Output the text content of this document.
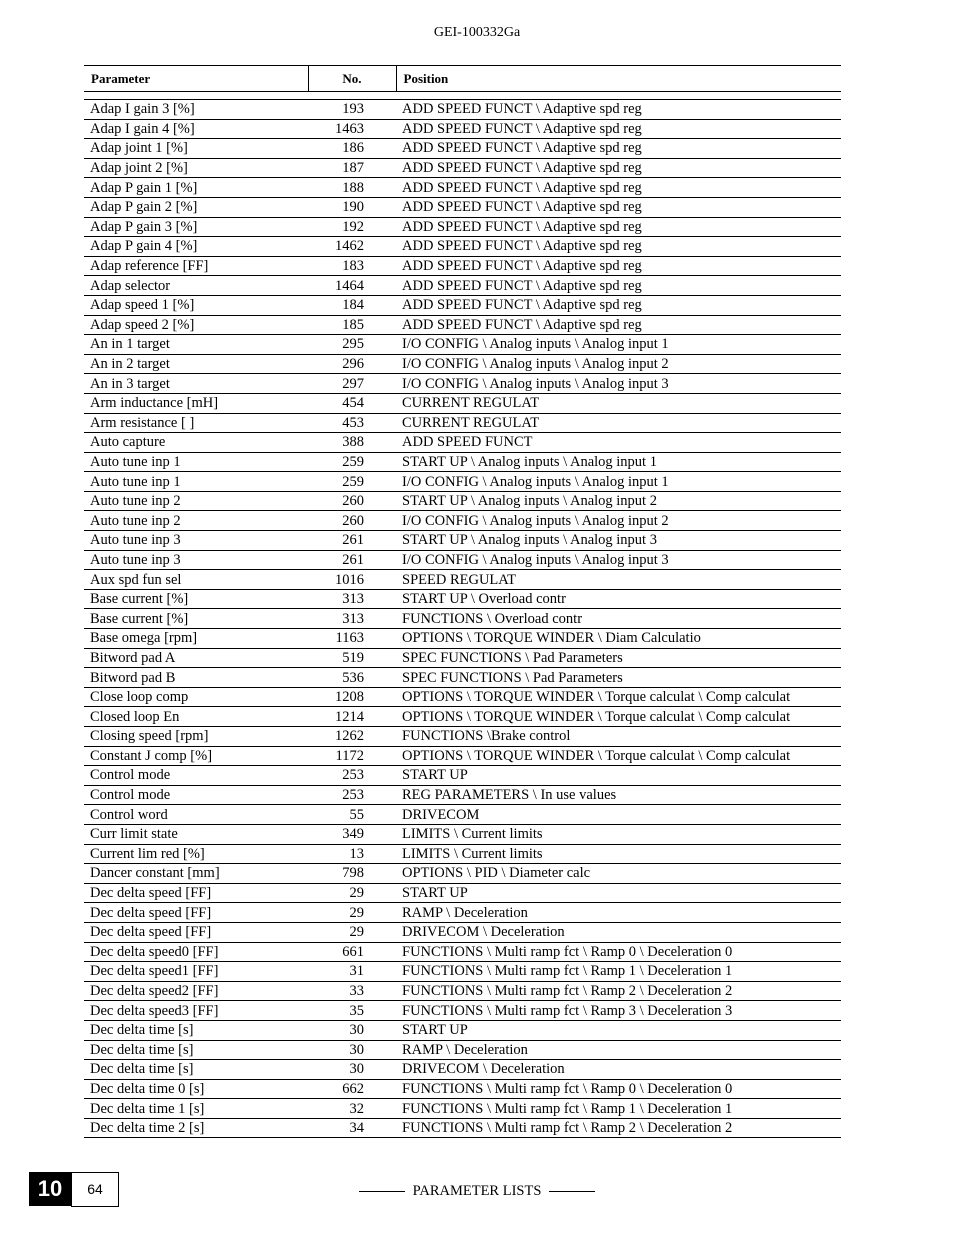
GEI-100332Ga
Parameter	No.	Position

Adap I gain 3 [%]	193	ADD SPEED FUNCT \ Adaptive spd reg
Adap I gain 4 [%]	1463	ADD SPEED FUNCT \ Adaptive spd reg
Adap joint 1 [%]	186	ADD SPEED FUNCT \ Adaptive spd reg
Adap joint 2 [%]	187	ADD SPEED FUNCT \ Adaptive spd reg
Adap P gain 1 [%]	188	ADD SPEED FUNCT \ Adaptive spd reg
Adap P gain 2 [%]	190	ADD SPEED FUNCT \ Adaptive spd reg
Adap P gain 3 [%]	192	ADD SPEED FUNCT \ Adaptive spd reg
Adap P gain 4 [%]	1462	ADD SPEED FUNCT \ Adaptive spd reg
Adap reference [FF]	183	ADD SPEED FUNCT \ Adaptive spd reg
Adap selector	1464	ADD SPEED FUNCT \ Adaptive spd reg
Adap speed 1 [%]	184	ADD SPEED FUNCT \ Adaptive spd reg
Adap speed 2 [%]	185	ADD SPEED FUNCT \ Adaptive spd reg
An in 1 target	295	I/O CONFIG \ Analog inputs \ Analog input 1
An in 2 target	296	I/O CONFIG \ Analog inputs \ Analog input 2
An in 3 target	297	I/O CONFIG \ Analog inputs \ Analog input 3
Arm inductance [mH]	454	CURRENT REGULAT
Arm resistance [ ]	453	CURRENT REGULAT
Auto capture	388	ADD SPEED FUNCT
Auto tune inp 1	259	START UP \ Analog inputs \ Analog input 1
Auto tune inp 1	259	I/O CONFIG \ Analog inputs \ Analog input 1
Auto tune inp 2	260	START UP \ Analog inputs \ Analog input 2
Auto tune inp 2	260	I/O CONFIG \ Analog inputs \ Analog input 2
Auto tune inp 3	261	START UP \ Analog inputs \ Analog input 3
Auto tune inp 3	261	I/O CONFIG \ Analog inputs \ Analog input 3
Aux spd fun sel	1016	SPEED REGULAT
Base current [%]	313	START UP \ Overload contr
Base current [%]	313	FUNCTIONS \ Overload contr
Base omega [rpm]	1163	OPTIONS \ TORQUE WINDER \ Diam Calculatio
Bitword pad A	519	SPEC FUNCTIONS \ Pad Parameters
Bitword pad B	536	SPEC FUNCTIONS \ Pad Parameters
Close loop comp	1208	OPTIONS \ TORQUE WINDER \ Torque calculat \ Comp calculat
Closed loop En	1214	OPTIONS \ TORQUE WINDER \ Torque calculat \ Comp calculat
Closing speed [rpm]	1262	FUNCTIONS \Brake control
Constant J comp [%]	1172	OPTIONS \ TORQUE WINDER \ Torque calculat \ Comp calculat
Control mode	253	START UP
Control mode	253	REG PARAMETERS \ In use values
Control word	55	DRIVECOM
Curr limit state	349	LIMITS \ Current limits
Current lim red [%]	13	LIMITS \ Current limits
Dancer constant [mm]	798	OPTIONS \ PID \ Diameter calc
Dec delta speed [FF]	29	START UP
Dec delta speed [FF]	29	RAMP \ Deceleration
Dec delta speed [FF]	29	DRIVECOM \ Deceleration
Dec delta speed0 [FF]	661	FUNCTIONS \ Multi ramp fct \ Ramp 0 \ Deceleration 0
Dec delta speed1 [FF]	31	FUNCTIONS \ Multi ramp fct \ Ramp 1 \ Deceleration 1
Dec delta speed2 [FF]	33	FUNCTIONS \ Multi ramp fct \ Ramp 2 \ Deceleration 2
Dec delta speed3 [FF]	35	FUNCTIONS \ Multi ramp fct \ Ramp 3 \ Deceleration 3
Dec delta time [s]	30	START UP
Dec delta time [s]	30	RAMP \ Deceleration
Dec delta time [s]	30	DRIVECOM \ Deceleration
Dec delta time 0 [s]	662	FUNCTIONS \ Multi ramp fct \ Ramp 0 \ Deceleration 0
Dec delta time 1 [s]	32	FUNCTIONS \ Multi ramp fct \ Ramp 1 \ Deceleration 1
Dec delta time 2 [s]	34	FUNCTIONS \ Multi ramp fct \ Ramp 2 \ Deceleration 2
10	64	PARAMETER LISTS
